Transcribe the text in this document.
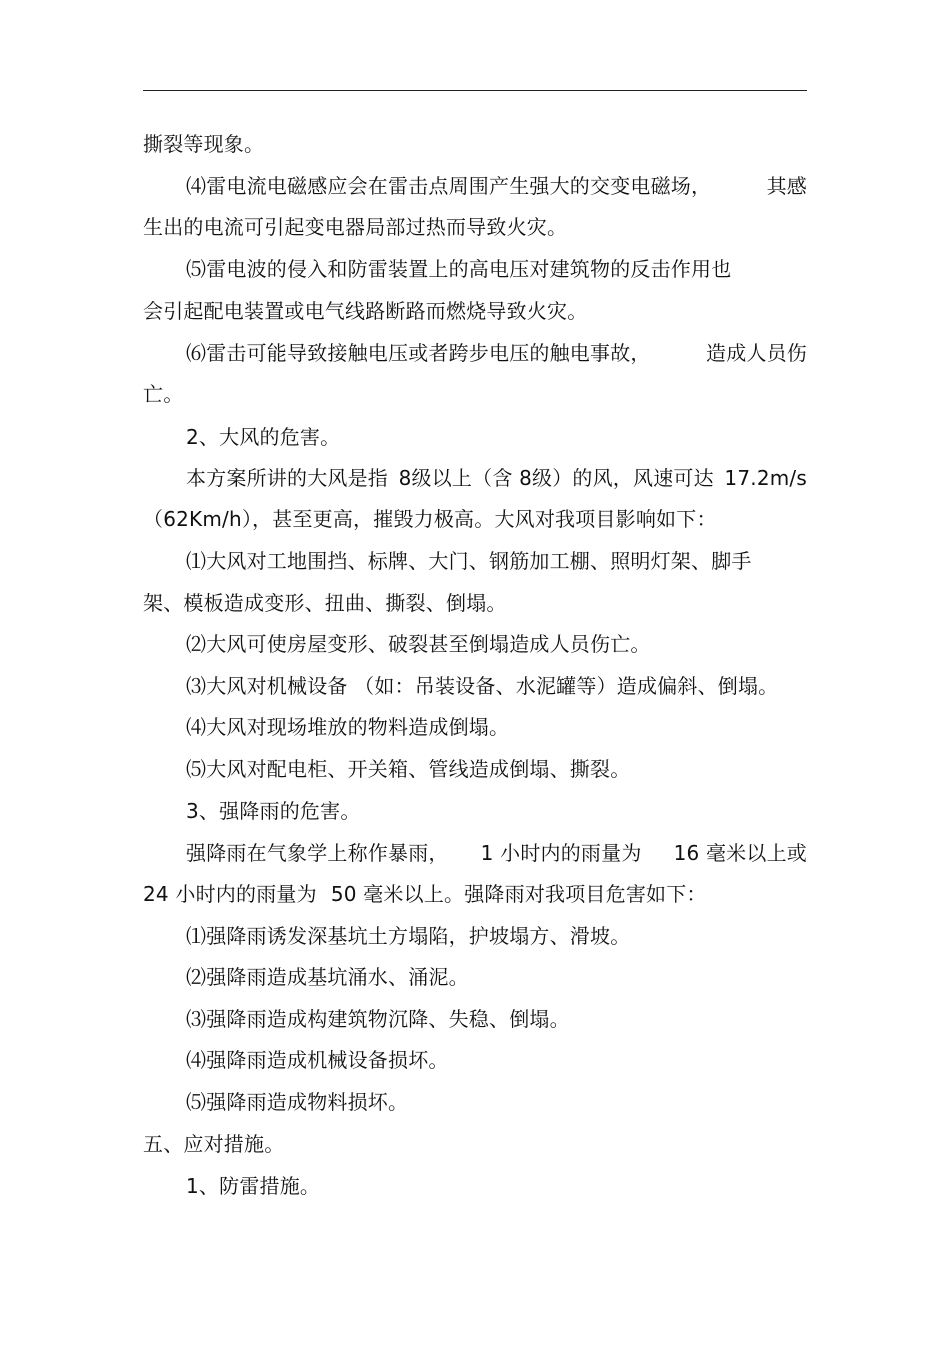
撕裂等现象。
⑷雷电流电磁感应会在雷击点周围产生强大的交变电磁场，	其感
生出的电流可引起变电器局部过热而导致火灾。
⑸雷电波的侵入和防雷装置上的高电压对建筑物的反击作用也
会引起配电装置或电气线路断路而燃烧导致火灾。
⑹雷击可能导致接触电压或者跨步电压的触电事故，	造成人员伤
亡。
2、大风的危害。
本方案所讲的大风是指 8级以上（含 8级）的风，风速可达 17.2m/s
（62Km/h），甚至更高，摧毁力极高。大风对我项目影响如下：
⑴大风对工地围挡、标牌、大门、钢筋加工棚、照明灯架、脚手
架、模板造成变形、扭曲、撕裂、倒塌。
⑵大风可使房屋变形、破裂甚至倒塌造成人员伤亡。
⑶大风对机械设备 （如：吊装设备、水泥罐等）造成偏斜、倒塌。
⑷大风对现场堆放的物料造成倒塌。
⑸大风对配电柜、开关箱、管线造成倒塌、撕裂。
3、强降雨的危害。
强降雨在气象学上称作暴雨， 1 小时内的雨量为 16 毫米以上或
24 小时内的雨量为 50 毫米以上。强降雨对我项目危害如下：
⑴强降雨诱发深基坑土方塌陷，护坡塌方、滑坡。
⑵强降雨造成基坑涌水、涌泥。
⑶强降雨造成构建筑物沉降、失稳、倒塌。
⑷强降雨造成机械设备损坏。
⑸强降雨造成物料损坏。
五、应对措施。
1、防雷措施。
